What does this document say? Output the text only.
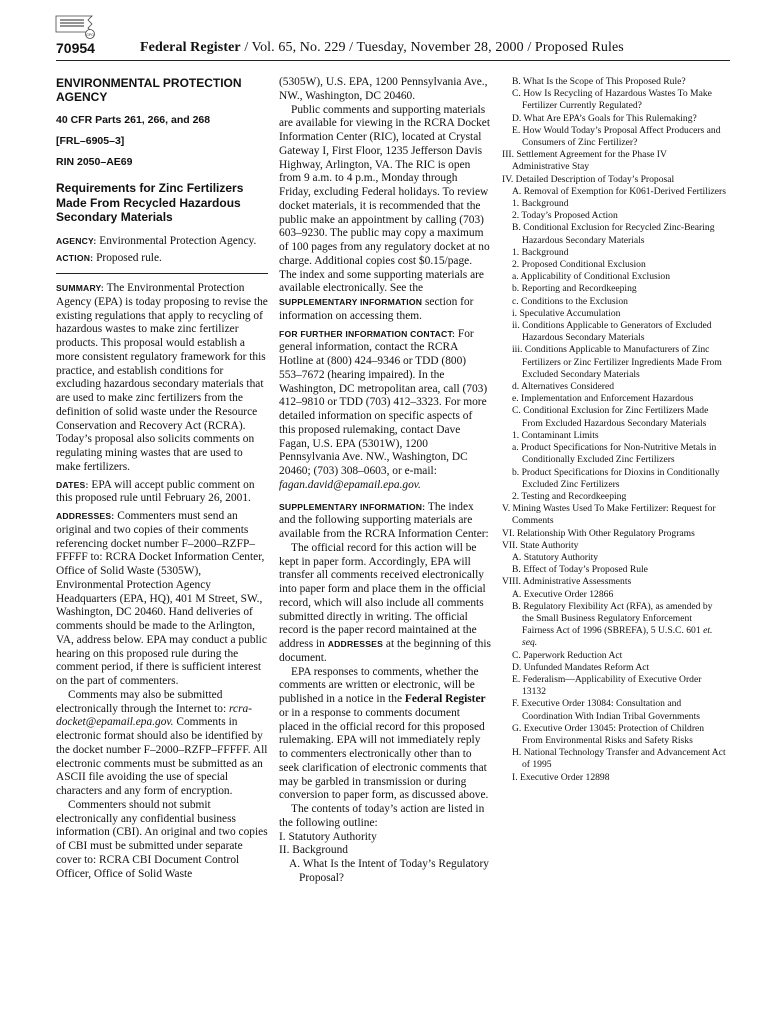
GPO
70954	Federal Register / Vol. 65, No. 229 / Tuesday, November 28, 2000 / Proposed Rules

ENVIRONMENTAL PROTECTION AGENCY

40 CFR Parts 261, 266, and 268

[FRL–6905–3]

RIN 2050–AE69

Requirements for Zinc Fertilizers Made From Recycled Hazardous Secondary Materials

AGENCY: Environmental Protection Agency.

ACTION: Proposed rule.

SUMMARY: The Environmental Protection Agency (EPA) is today proposing to revise the existing regulations that apply to recycling of hazardous wastes to make zinc fertilizer products. This proposal would establish a more consistent regulatory framework for this practice, and establish conditions for excluding hazardous secondary materials that are used to make zinc fertilizers from the definition of solid waste under the Resource Conservation and Recovery Act (RCRA). Today’s proposal also solicits comments on regulating mining wastes that are used to make fertilizers.

DATES: EPA will accept public comment on this proposed rule until February 26, 2001.

ADDRESSES: Commenters must send an original and two copies of their comments referencing docket number F–2000–RZFP–FFFFF to: RCRA Docket Information Center, Office of Solid Waste (5305W), Environmental Protection Agency Headquarters (EPA, HQ), 401 M Street, SW., Washington, DC 20460. Hand deliveries of comments should be made to the Arlington, VA, address below. EPA may conduct a public hearing on this proposed rule during the comment period, if there is sufficient interest on the part of commenters.

Comments may also be submitted electronically through the Internet to: rcra-docket@epamail.epa.gov. Comments in electronic format should also be identified by the docket number F–2000–RZFP–FFFFF. All electronic comments must be submitted as an ASCII file avoiding the use of special characters and any form of encryption.

Commenters should not submit electronically any confidential business information (CBI). An original and two copies of CBI must be submitted under separate cover to: RCRA CBI Document Control Officer, Office of Solid Waste

(5305W), U.S. EPA, 1200 Pennsylvania Ave., NW., Washington, DC 20460.

Public comments and supporting materials are available for viewing in the RCRA Docket Information Center (RIC), located at Crystal Gateway I, First Floor, 1235 Jefferson Davis Highway, Arlington, VA. The RIC is open from 9 a.m. to 4 p.m., Monday through Friday, excluding Federal holidays. To review docket materials, it is recommended that the public make an appointment by calling (703) 603–9230. The public may copy a maximum of 100 pages from any regulatory docket at no charge. Additional copies cost $0.15/page. The index and some supporting materials are available electronically. See the SUPPLEMENTARY INFORMATION section for information on accessing them.

FOR FURTHER INFORMATION CONTACT: For general information, contact the RCRA Hotline at (800) 424–9346 or TDD (800) 553–7672 (hearing impaired). In the Washington, DC metropolitan area, call (703) 412–9810 or TDD (703) 412–3323. For more detailed information on specific aspects of this proposed rulemaking, contact Dave Fagan, U.S. EPA (5301W), 1200 Pennsylvania Ave. NW., Washington, DC 20460; (703) 308–0603, or e-mail: fagan.david@epamail.epa.gov.

SUPPLEMENTARY INFORMATION: The index and the following supporting materials are available from the RCRA Information Center:

The official record for this action will be kept in paper form. Accordingly, EPA will transfer all comments received electronically into paper form and place them in the official record, which will also include all comments submitted directly in writing. The official record is the paper record maintained at the address in ADDRESSES at the beginning of this document.

EPA responses to comments, whether the comments are written or electronic, will be published in a notice in the Federal Register or in a response to comments document placed in the official record for this proposed rulemaking. EPA will not immediately reply to commenters electronically other than to seek clarification of electronic comments that may be garbled in transmission or during conversion to paper form, as discussed above.

The contents of today’s action are listed in the following outline:

I. Statutory Authority

II. Background

A. What Is the Intent of Today’s Regulatory Proposal?

B. What Is the Scope of This Proposed Rule?

C. How Is Recycling of Hazardous Wastes To Make Fertilizer Currently Regulated?

D. What Are EPA’s Goals for This Rulemaking?

E. How Would Today’s Proposal Affect Producers and Consumers of Zinc Fertilizer?

III. Settlement Agreement for the Phase IV Administrative Stay

IV. Detailed Description of Today’s Proposal

A. Removal of Exemption for K061-Derived Fertilizers

1. Background

2. Today’s Proposed Action

B. Conditional Exclusion for Recycled Zinc-Bearing Hazardous Secondary Materials

1. Background

2. Proposed Conditional Exclusion

a. Applicability of Conditional Exclusion

b. Reporting and Recordkeeping

c. Conditions to the Exclusion

i. Speculative Accumulation

ii. Conditions Applicable to Generators of Excluded Hazardous Secondary Materials

iii. Conditions Applicable to Manufacturers of Zinc Fertilizers or Zinc Fertilizer Ingredients Made From Excluded Secondary Materials

d. Alternatives Considered

e. Implementation and Enforcement Hazardous

C. Conditional Exclusion for Zinc Fertilizers Made From Excluded Hazardous Secondary Materials

1. Contaminant Limits

a. Product Specifications for Non-Nutritive Metals in Conditionally Excluded Zinc Fertilizers

b. Product Specifications for Dioxins in Conditionally Excluded Zinc Fertilizers

2. Testing and Recordkeeping

V. Mining Wastes Used To Make Fertilizer: Request for Comments

VI. Relationship With Other Regulatory Programs

VII. State Authority

A. Statutory Authority

B. Effect of Today’s Proposed Rule

VIII. Administrative Assessments

A. Executive Order 12866

B. Regulatory Flexibility Act (RFA), as amended by the Small Business Regulatory Enforcement Fairness Act of 1996 (SBREFA), 5 U.S.C. 601 et. seq.

C. Paperwork Reduction Act

D. Unfunded Mandates Reform Act

E. Federalism—Applicability of Executive Order 13132

F. Executive Order 13084: Consultation and Coordination With Indian Tribal Governments

G. Executive Order 13045: Protection of Children From Environmental Risks and Safety Risks

H. National Technology Transfer and Advancement Act of 1995

I. Executive Order 12898
